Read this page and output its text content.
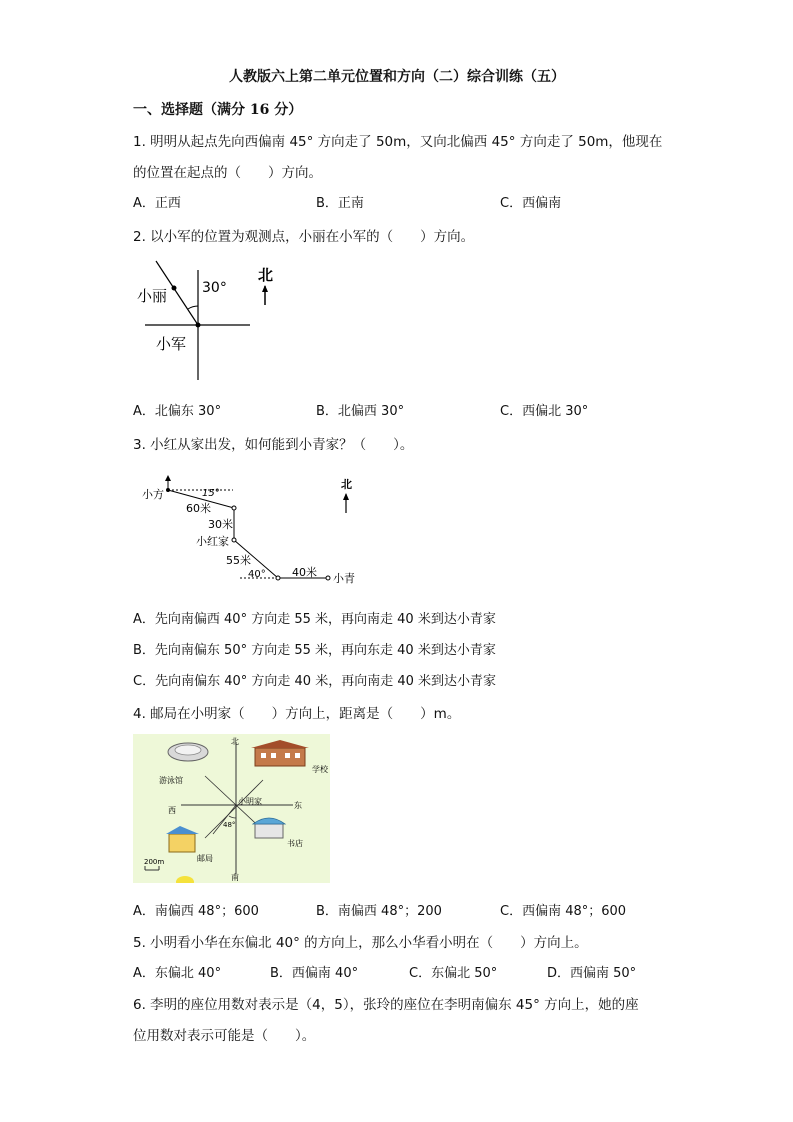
人教版六上第二单元位置和方向（二）综合训练（五）
一、选择题（满分 16 分）
1. 明明从起点先向西偏南 45° 方向走了 50m，又向北偏西 45° 方向走了 50m，他现在
的位置在起点的（　　）方向。
A．正西	B．正南	C．西偏南
2. 以小军的位置为观测点，小丽在小军的（　　）方向。
30°
小丽
小军
北
A．北偏东 30°	B．北偏西 30°	C．西偏北 30°
3. 小红从家出发，如何能到小青家？（　　）。
小方	15°
60米
30米
小红家
55米
40° 40米 小青
北
A．先向南偏西 40° 方向走 55 米，再向南走 40 米到达小青家
B．先向南偏东 50° 方向走 55 米，再向东走 40 米到达小青家
C．先向南偏东 40° 方向走 40 米，再向南走 40 米到达小青家
4. 邮局在小明家（　　）方向上，距离是（　　）m。
北
南
东
西
小明家
游泳馆
学校
邮局
书店
48°
200m
A．南偏西 48°；600	B．南偏西 48°；200	C．西偏南 48°；600
5. 小明看小华在东偏北 40° 的方向上，那么小华看小明在（　　）方向上。
A．东偏北 40°	B．西偏南 40°	C．东偏北 50°	D．西偏南 50°
6. 李明的座位用数对表示是（4，5），张玲的座位在李明南偏东 45° 方向上，她的座
位用数对表示可能是（　　）。
